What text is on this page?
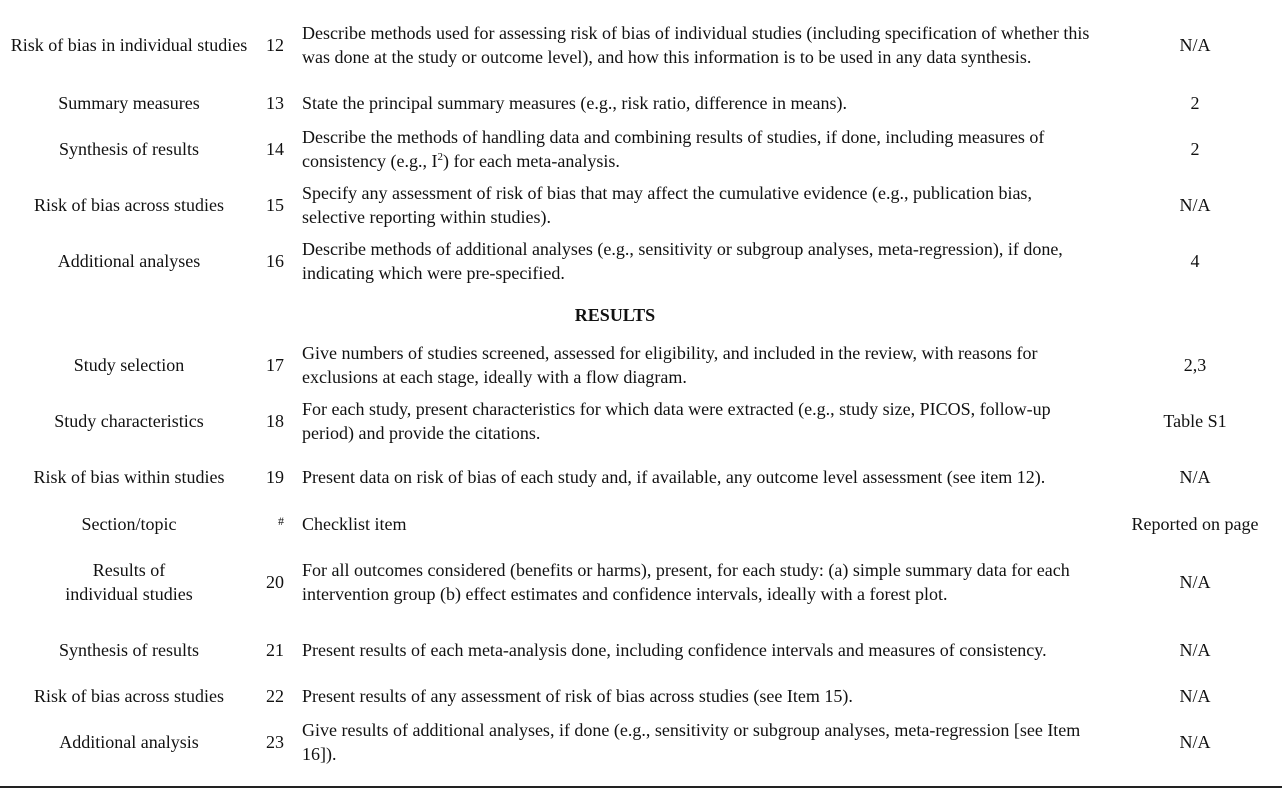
Risk of bias in individual studies	12	Describe methods used for assessing risk of bias of individual studies (including specification of whether this was done at the study or outcome level), and how this information is to be used in any data synthesis.	N/A
Summary measures	13	State the principal summary measures (e.g., risk ratio, difference in means).	2
Synthesis of results	14	Describe the methods of handling data and combining results of studies, if done, including measures of consistency (e.g., $I^2$) for each meta-analysis.	2
Risk of bias across studies	15	Specify any assessment of risk of bias that may affect the cumulative evidence (e.g., publication bias, selective reporting within studies).	N/A
Additional analyses	16	Describe methods of additional analyses (e.g., sensitivity or subgroup analyses, meta-regression), if done, indicating which were pre-specified.	4
RESULTS			
Study selection	17	Give numbers of studies screened, assessed for eligibility, and included in the review, with reasons for exclusions at each stage, ideally with a flow diagram.	2,3
Study characteristics	18	For each study, present characteristics for which data were extracted (e.g., study size, PICOS, follow-up period) and provide the citations.	Table S1
Risk of bias within studies	19	Present data on risk of bias of each study and, if available, any outcome level assessment (see item 12).	N/A
Section/topic	#	Checklist item	Reported on page
Results of
individual studies	20	For all outcomes considered (benefits or harms), present, for each study: (a) simple summary data for each intervention group (b) effect estimates and confidence intervals, ideally with a forest plot.	N/A
Synthesis of results	21	Present results of each meta-analysis done, including confidence intervals and measures of consistency.	N/A
Risk of bias across studies	22	Present results of any assessment of risk of bias across studies (see Item 15).	N/A
Additional analysis	23	Give results of additional analyses, if done (e.g., sensitivity or subgroup analyses, meta-regression [see Item 16]).	N/A
